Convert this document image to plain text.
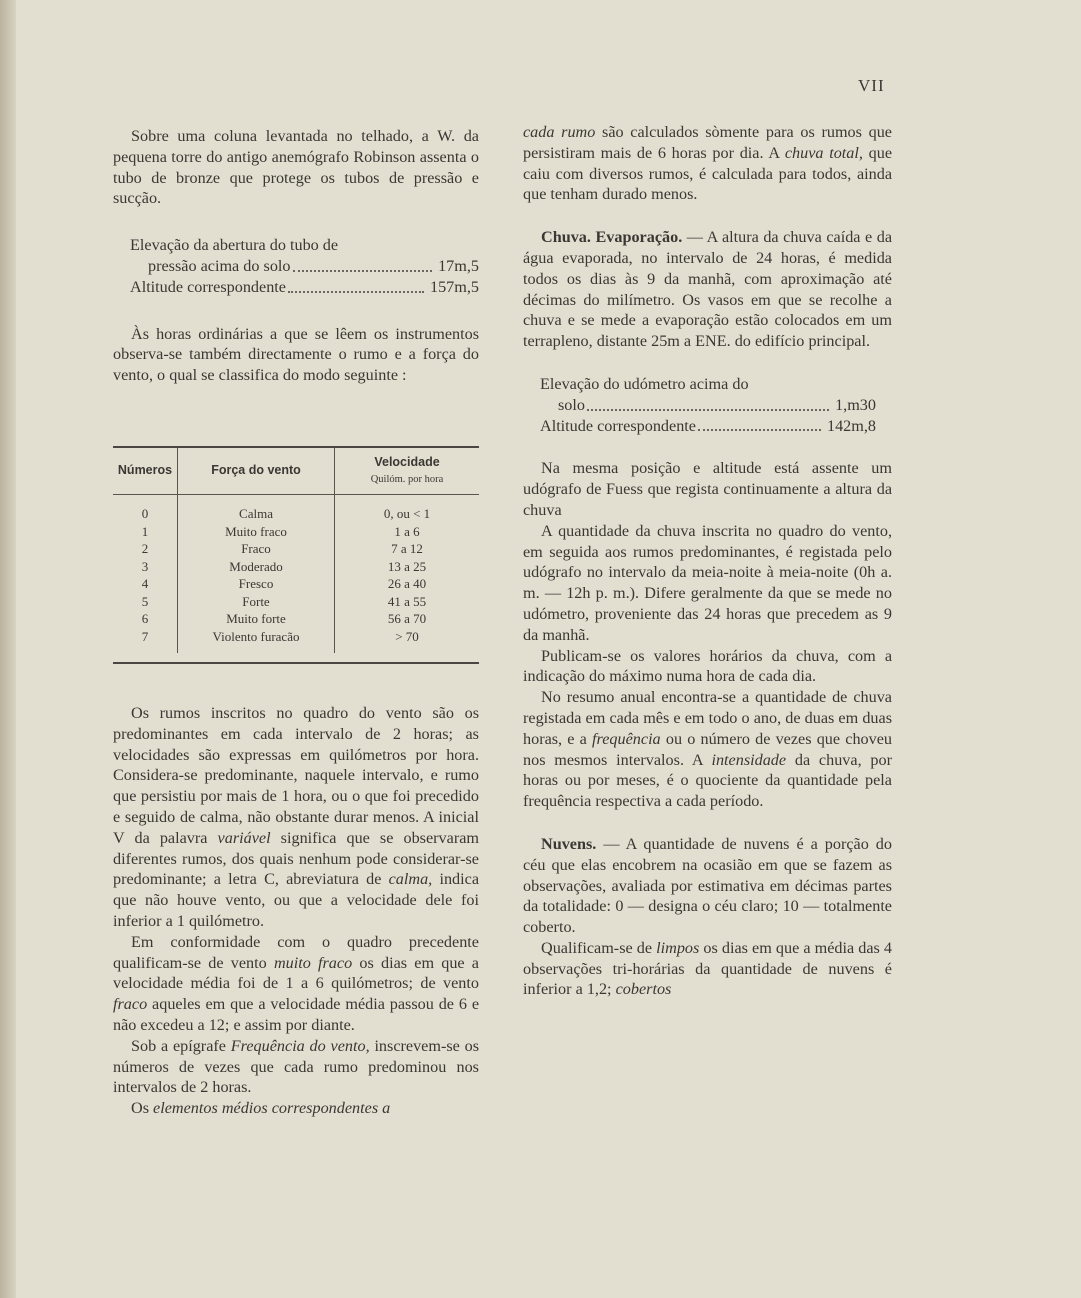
VII

Sobre uma coluna levantada no telhado, a W. da pequena torre do antigo anemógrafo Robinson assenta o tubo de bronze que protege os tubos de pressão e sucção.

Elevação da abertura do tubo de
pressão acima do solo	17m,5
Altitude correspondente	157m,5

Às horas ordinárias a que se lêem os instrumentos observa-se também directamente o rumo e a força do vento, o qual se classifica do modo seguinte :

Números	Força do vento	Velocidade
Quilóm. por hora

0	Calma	0, ou < 1
1	Muito fraco	1 a 6
2	Fraco	7 a 12
3	Moderado	13 a 25
4	Fresco	26 a 40
5	Forte	41 a 55
6	Muito forte	56 a 70
7	Violento furacão	> 70

Os rumos inscritos no quadro do vento são os predominantes em cada intervalo de 2 horas; as velocidades são expressas em quilómetros por hora. Considera-se predominante, naquele intervalo, e rumo que persistiu por mais de 1 hora, ou o que foi precedido e seguido de calma, não obstante durar menos. A inicial V da palavra variável significa que se observaram diferentes rumos, dos quais nenhum pode considerar-se predominante; a letra C, abreviatura de calma, indica que não houve vento, ou que a velocidade dele foi inferior a 1 quilómetro.

Em conformidade com o quadro precedente qualificam-se de vento muito fraco os dias em que a velocidade média foi de 1 a 6 quilómetros; de vento fraco aqueles em que a velocidade média passou de 6 e não excedeu a 12; e assim por diante.

Sob a epígrafe Frequência do vento, inscrevem-se os números de vezes que cada rumo predominou nos intervalos de 2 horas.

Os elementos médios correspondentes a

cada rumo são calculados sòmente para os rumos que persistiram mais de 6 horas por dia. A chuva total, que caiu com diversos rumos, é calculada para todos, ainda que tenham durado menos.

Chuva. Evaporação. — A altura da chuva caída e da água evaporada, no intervalo de 24 horas, é medida todos os dias às 9 da manhã, com aproximação até décimas do milímetro. Os vasos em que se recolhe a chuva e se mede a evaporação estão colocados em um terrapleno, distante 25m a ENE. do edifício principal.

Elevação do udómetro acima do
solo	1,m30
Altitude correspondente	142m,8

Na mesma posição e altitude está assente um udógrafo de Fuess que regista continuamente a altura da chuva

A quantidade da chuva inscrita no quadro do vento, em seguida aos rumos predominantes, é registada pelo udógrafo no intervalo da meia-noite à meia-noite (0h a. m. — 12h p. m.). Difere geralmente da que se mede no udómetro, proveniente das 24 horas que precedem as 9 da manhã.

Publicam-se os valores horários da chuva, com a indicação do máximo numa hora de cada dia.

No resumo anual encontra-se a quantidade de chuva registada em cada mês e em todo o ano, de duas em duas horas, e a frequência ou o número de vezes que choveu nos mesmos intervalos. A intensidade da chuva, por horas ou por meses, é o quociente da quantidade pela frequência respectiva a cada período.

Nuvens. — A quantidade de nuvens é a porção do céu que elas encobrem na ocasião em que se fazem as observações, avaliada por estimativa em décimas partes da totalidade: 0 — designa o céu claro; 10 — totalmente coberto.

Qualificam-se de limpos os dias em que a média das 4 observações tri-horárias da quantidade de nuvens é inferior a 1,2; cobertos
